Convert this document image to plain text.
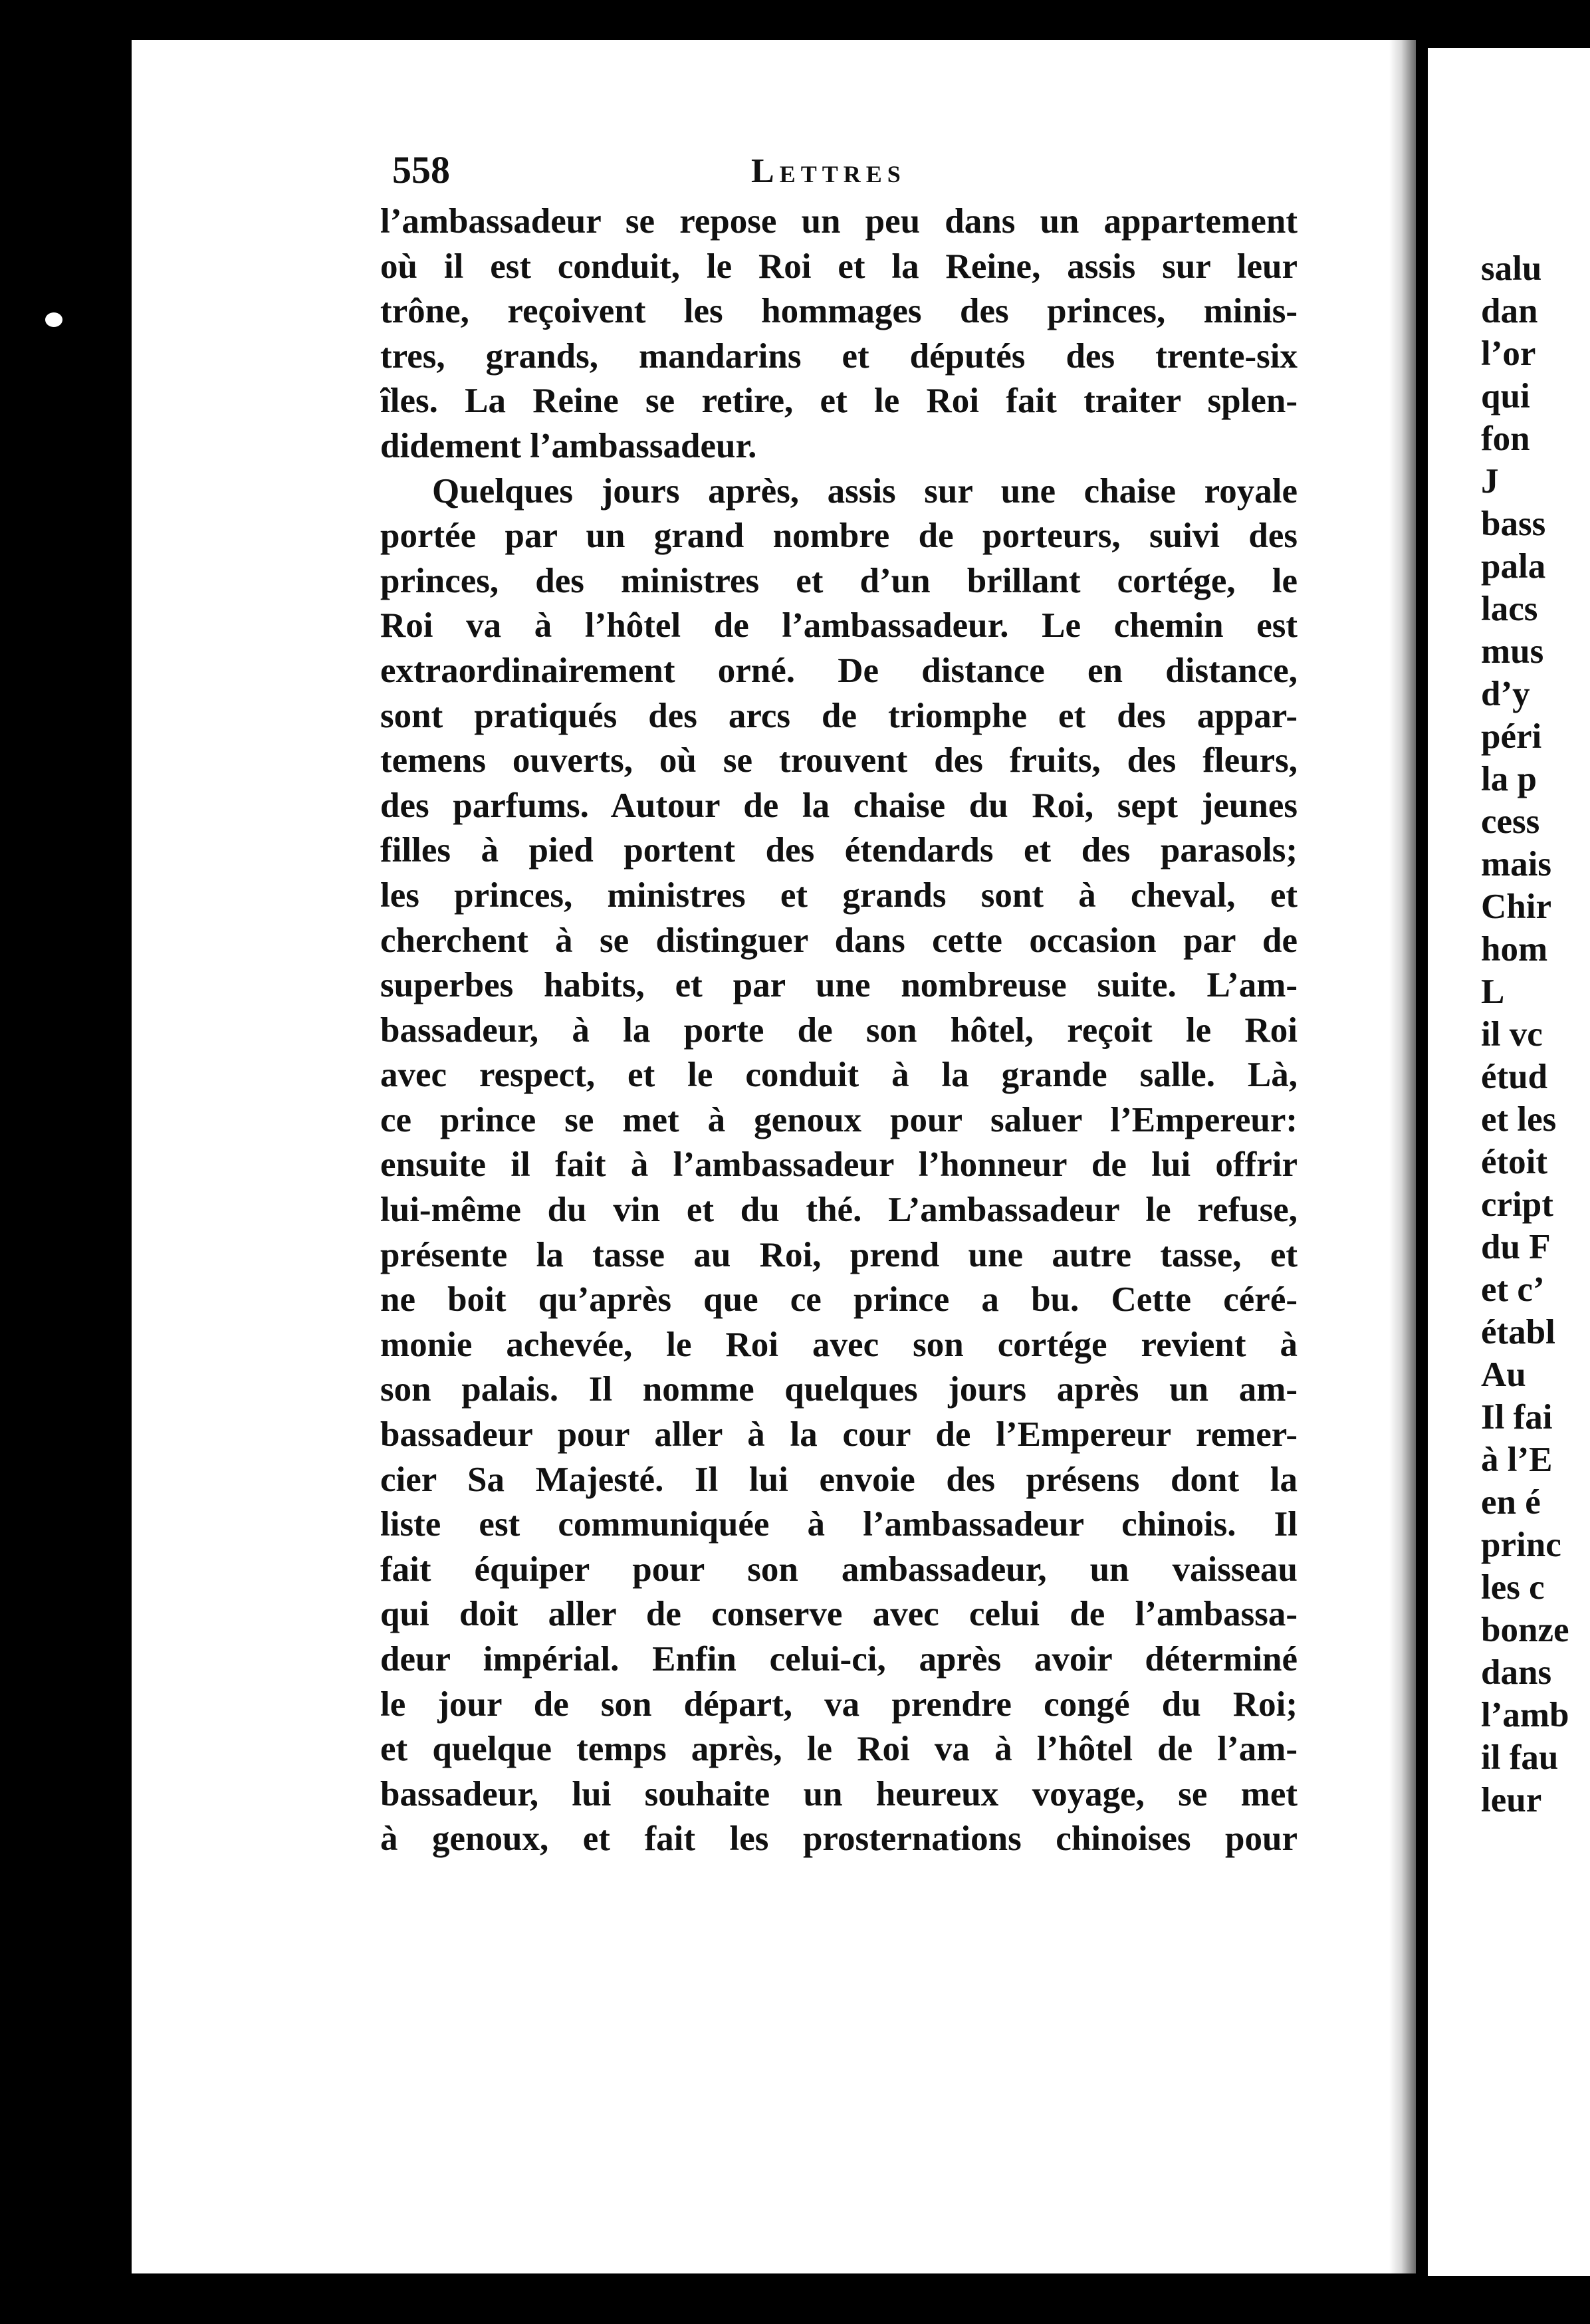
salu
dan
l’or
qui
fon
J
bass
pala
lacs
mus
d’y
péri
la p
cess
mais
Chir
hom
L
il vc
étud
et les
étoit
cript
du F
et c’
établ
Au
Il fai
à l’E
en é
princ
les c
bonze
dans
l’amb
il fau
leur
558	Lettres
l’ambassadeur se repose un peu dans un appartement
où il est conduit, le Roi et la Reine, assis sur leur
trône, reçoivent les hommages des princes, minis-
tres, grands, mandarins et députés des trente-six
îles. La Reine se retire, et le Roi fait traiter splen-
didement l’ambassadeur.
Quelques jours après, assis sur une chaise royale
portée par un grand nombre de porteurs, suivi des
princes, des ministres et d’un brillant cortége, le
Roi va à l’hôtel de l’ambassadeur. Le chemin est
extraordinairement orné. De distance en distance,
sont pratiqués des arcs de triomphe et des appar-
temens ouverts, où se trouvent des fruits, des fleurs,
des parfums. Autour de la chaise du Roi, sept jeunes
filles à pied portent des étendards et des parasols;
les princes, ministres et grands sont à cheval, et
cherchent à se distinguer dans cette occasion par de
superbes habits, et par une nombreuse suite. L’am-
bassadeur, à la porte de son hôtel, reçoit le Roi
avec respect, et le conduit à la grande salle. Là,
ce prince se met à genoux pour saluer l’Empereur:
ensuite il fait à l’ambassadeur l’honneur de lui offrir
lui-même du vin et du thé. L’ambassadeur le refuse,
présente la tasse au Roi, prend une autre tasse, et
ne boit qu’après que ce prince a bu. Cette céré-
monie achevée, le Roi avec son cortége revient à
son palais. Il nomme quelques jours après un am-
bassadeur pour aller à la cour de l’Empereur remer-
cier Sa Majesté. Il lui envoie des présens dont la
liste est communiquée à l’ambassadeur chinois. Il
fait équiper pour son ambassadeur, un vaisseau
qui doit aller de conserve avec celui de l’ambassa-
deur impérial. Enfin celui-ci, après avoir déterminé
le jour de son départ, va prendre congé du Roi;
et quelque temps après, le Roi va à l’hôtel de l’am-
bassadeur, lui souhaite un heureux voyage, se met
à genoux, et fait les prosternations chinoises pour
